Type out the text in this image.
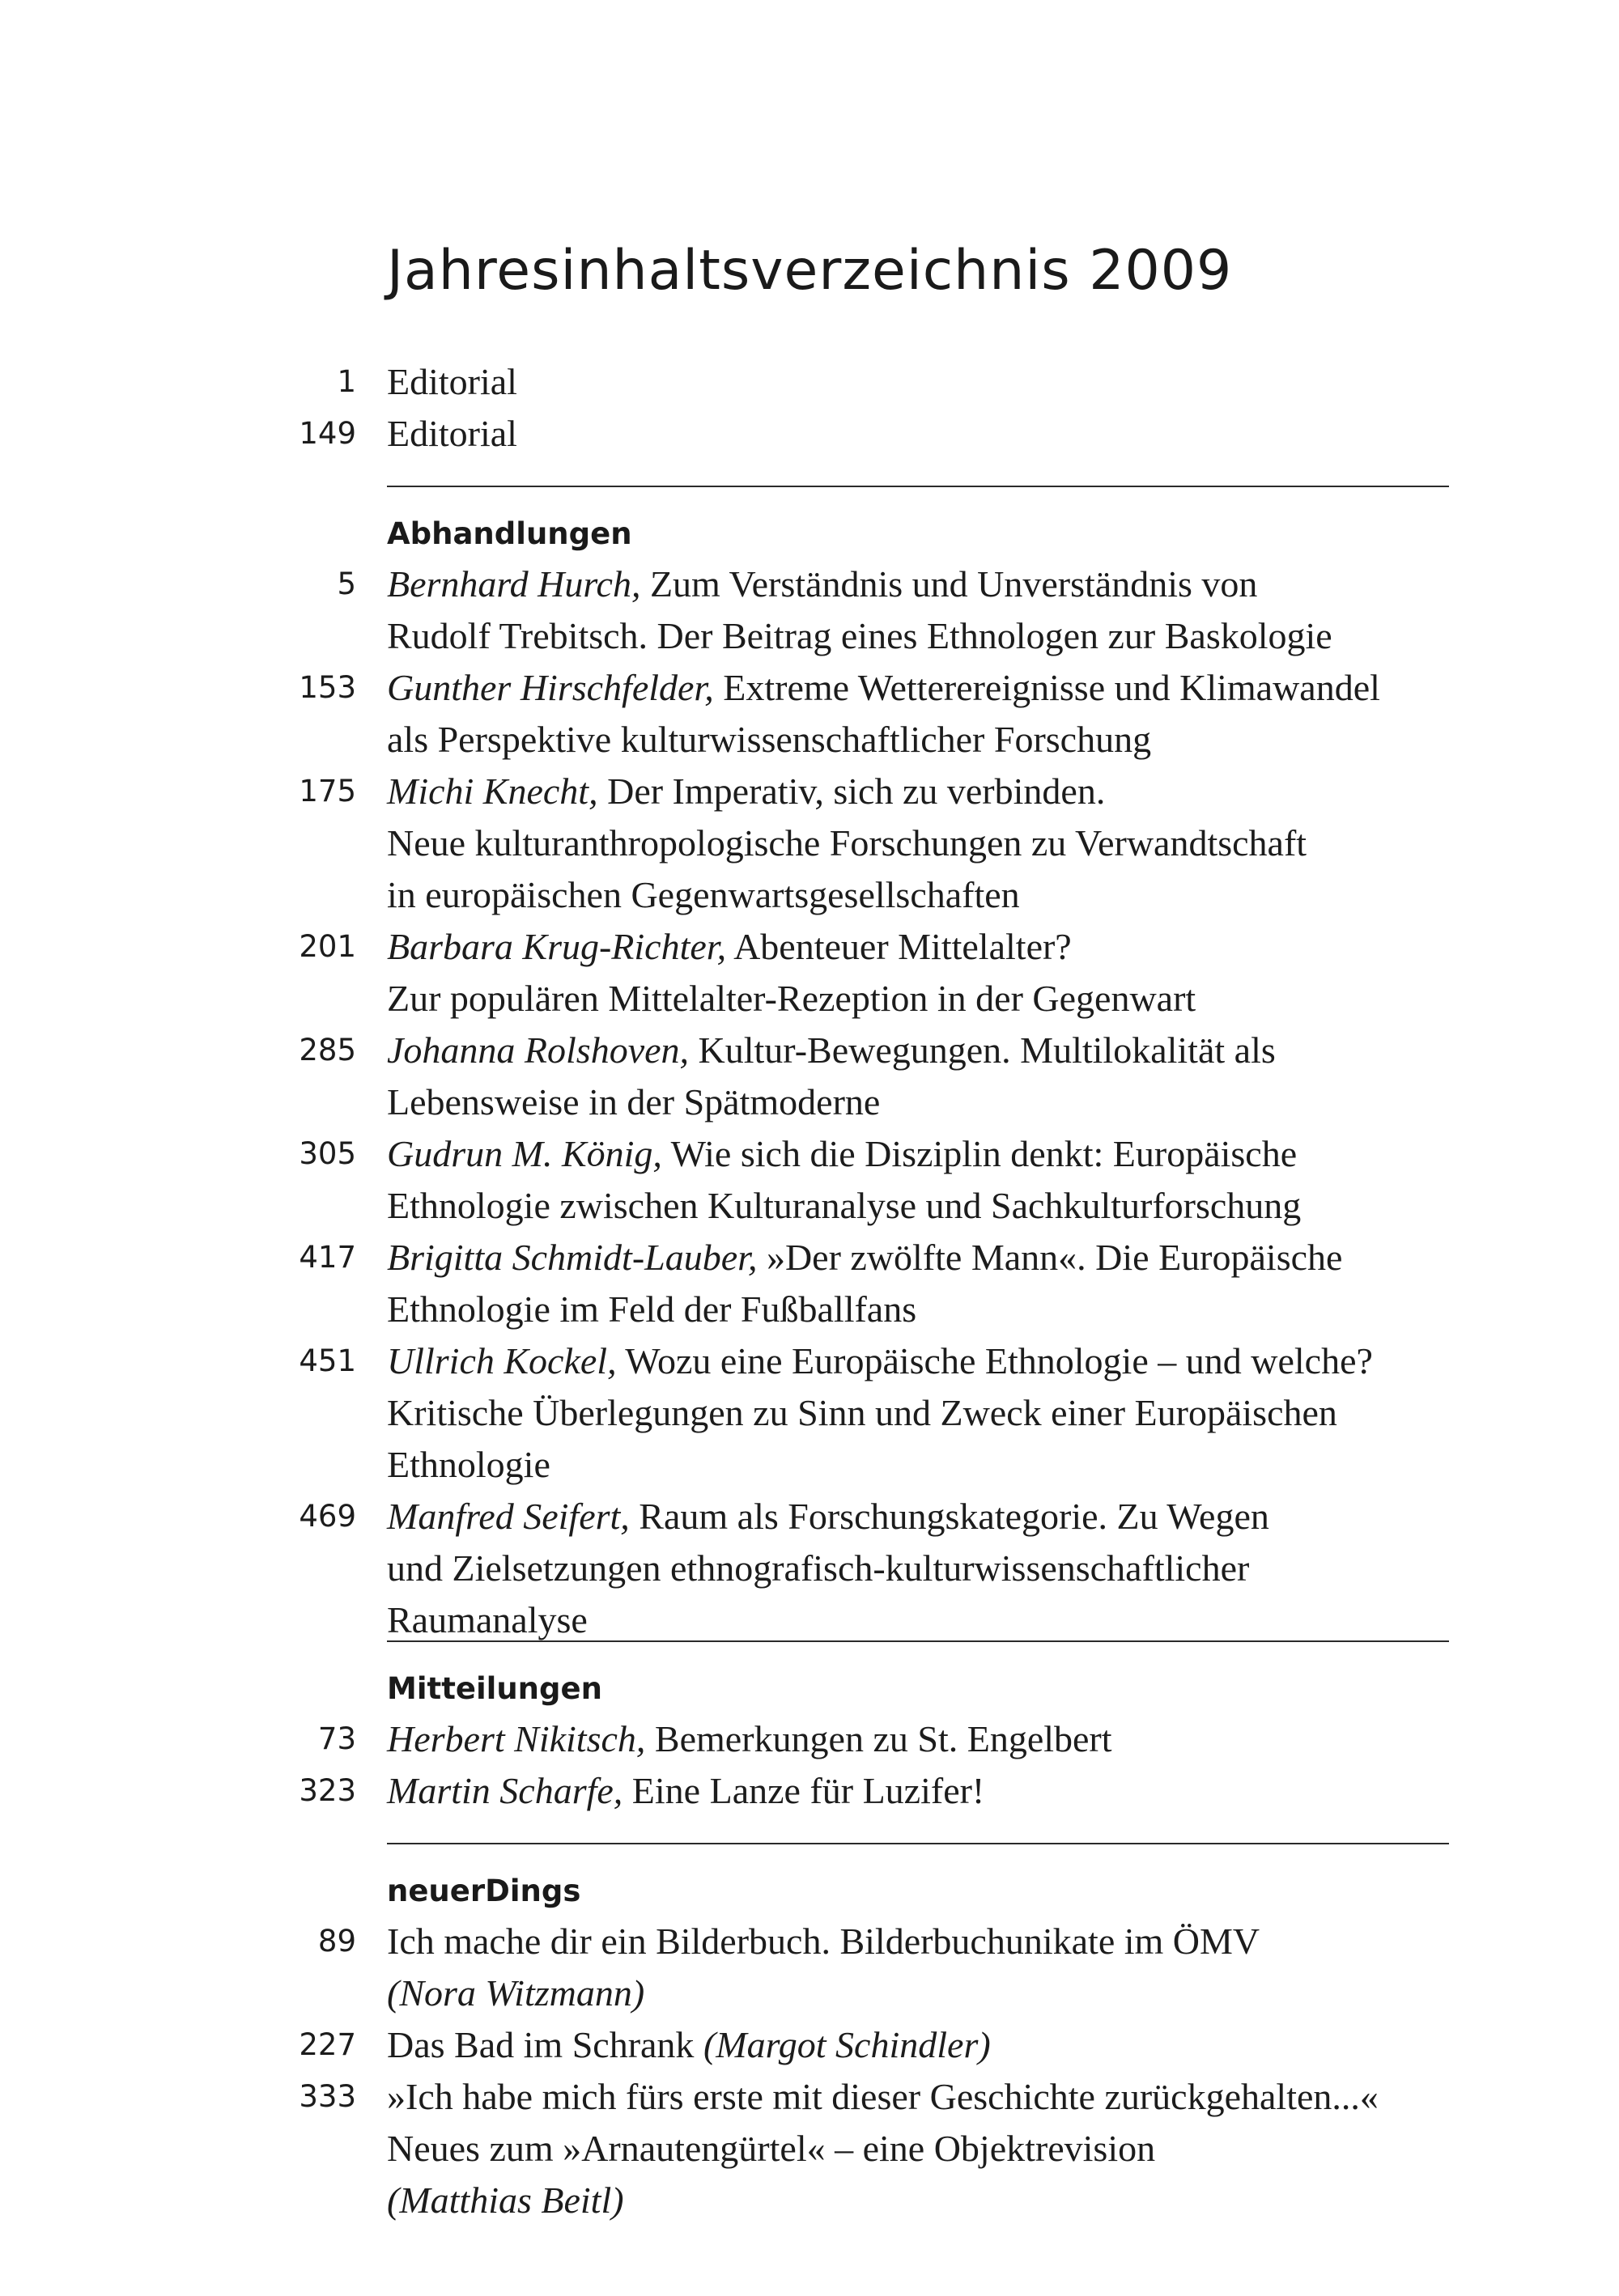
Jahresinhaltsverzeichnis 2009
1 Editorial
149 Editorial
Abhandlungen
5 Bernhard Hurch, Zum Verständnis und Unverständnis von
Rudolf Trebitsch. Der Beitrag eines Ethnologen zur Baskologie
153 Gunther Hirschfelder, Extreme Wetterereignisse und Klimawandel
als Perspektive kulturwissenschaftlicher Forschung
175 Michi Knecht, Der Imperativ, sich zu verbinden.
Neue kulturanthropologische Forschungen zu Verwandtschaft
in europäischen Gegenwartsgesellschaften
201 Barbara Krug-Richter, Abenteuer Mittelalter?
Zur populären Mittelalter-Rezeption in der Gegenwart
285 Johanna Rolshoven, Kultur-Bewegungen. Multilokalität als
Lebensweise in der Spätmoderne
305 Gudrun M. König, Wie sich die Disziplin denkt: Europäische
Ethnologie zwischen Kulturanalyse und Sachkulturforschung
417 Brigitta Schmidt-Lauber, »Der zwölfte Mann«. Die Europäische
Ethnologie im Feld der Fußballfans
451 Ullrich Kockel, Wozu eine Europäische Ethnologie – und welche?
Kritische Überlegungen zu Sinn und Zweck einer Europäischen
Ethnologie
469 Manfred Seifert, Raum als Forschungskategorie. Zu Wegen
und Zielsetzungen ethnografisch-kulturwissenschaftlicher
Raumanalyse
Mitteilungen
73 Herbert Nikitsch, Bemerkungen zu St. Engelbert
323 Martin Scharfe, Eine Lanze für Luzifer!
neuerDings
89 Ich mache dir ein Bilderbuch. Bilderbuchunikate im ÖMV
(Nora Witzmann)
227 Das Bad im Schrank (Margot Schindler)
333 »Ich habe mich fürs erste mit dieser Geschichte zurückgehalten...«
Neues zum »Arnautengürtel« – eine Objektrevision
(Matthias Beitl)
